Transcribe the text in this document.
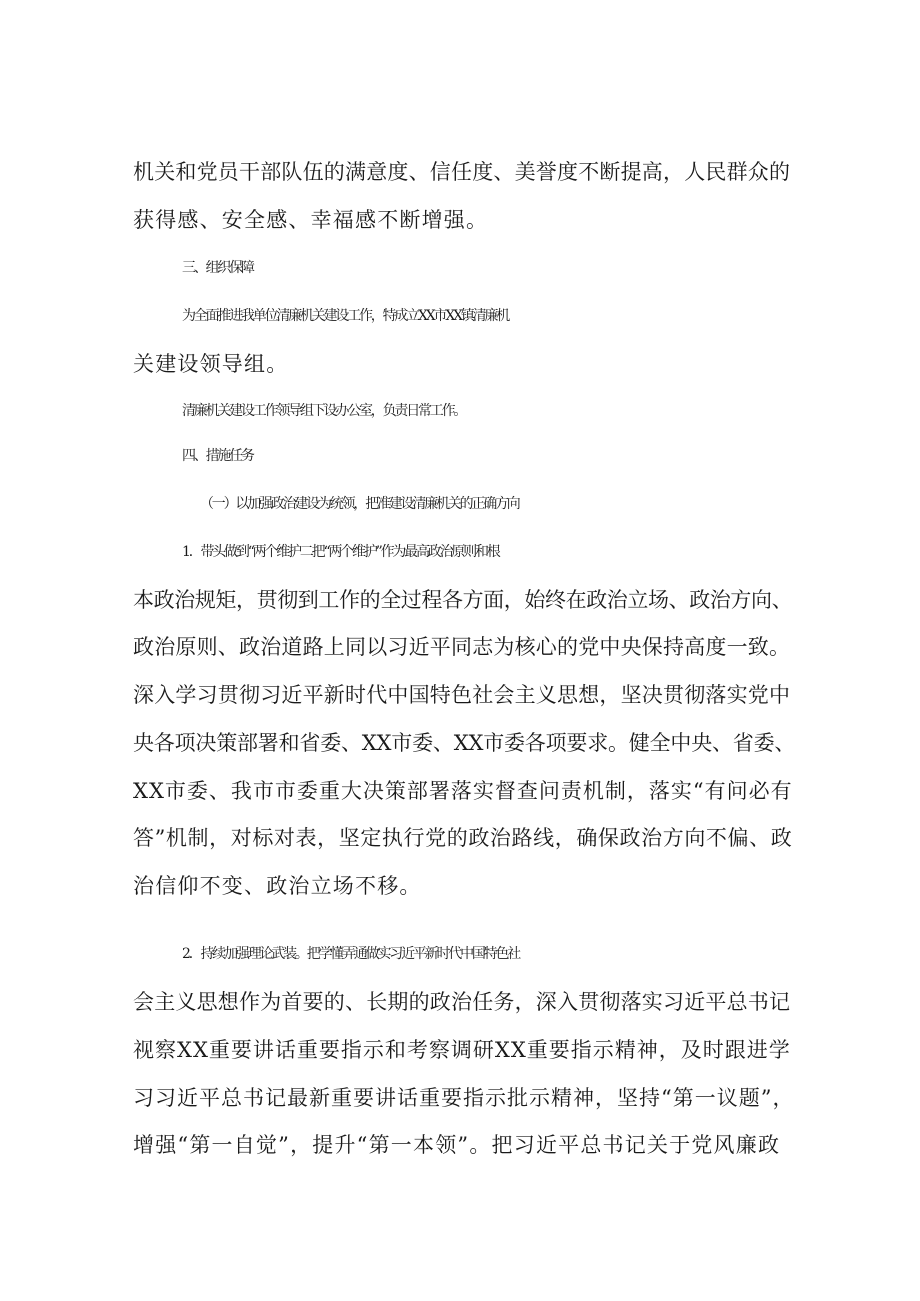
机关和党员干部队伍的满意度、信任度、美誉度不断提高，人民群众的

获得感、安全感、幸福感不断增强。

三、组织保障

为全面推进我单位清廉机关建设工作，特成立XX市XX镇清廉机

关建设领导组。

清廉机关建设工作领导组下设办公室，负责日常工作。

四、措施任务

（一）以加强政治建设为统领，把准建设清廉机关的正确方向

1．带头做到“两个维护二把“两个维护”作为最高政治原则和根

本政治规矩，贯彻到工作的全过程各方面，始终在政治立场、政治方向、

政治原则、政治道路上同以习近平同志为核心的党中央保持高度一致。

深入学习贯彻习近平新时代中国特色社会主义思想，坚决贯彻落实党中

央各项决策部署和省委、XX市委、XX市委各项要求。健全中央、省委、

XX市委、我市市委重大决策部署落实督查问责机制，落实“有问必有

答”机制，对标对表，坚定执行党的政治路线，确保政治方向不偏、政

治信仰不变、政治立场不移。

2．持续加强理论武装。把学懂弄通做实习近平新时代中国特色社

会主义思想作为首要的、长期的政治任务，深入贯彻落实习近平总书记

视察XX重要讲话重要指示和考察调研XX重要指示精神，及时跟进学

习习近平总书记最新重要讲话重要指示批示精神，坚持“第一议题”，

增强“第一自觉”，提升“第一本领”。把习近平总书记关于党风廉政
